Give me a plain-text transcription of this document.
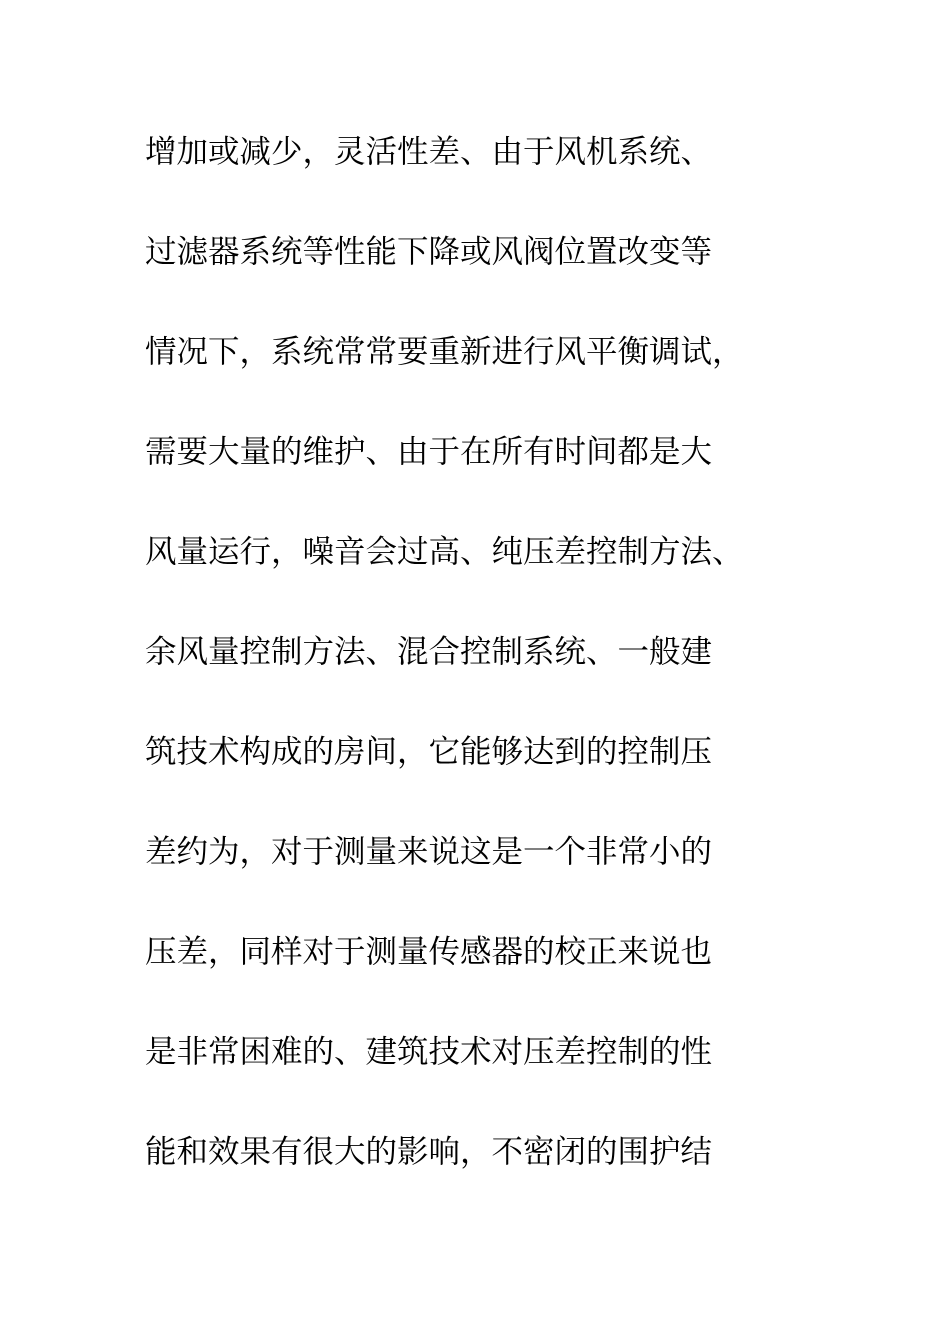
增加或减少，灵活性差、由于风机系统、
过滤器系统等性能下降或风阀位置改变等
情况下，系统常常要重新进行风平衡调试，
需要大量的维护、由于在所有时间都是大
风量运行，噪音会过高、纯压差控制方法、
余风量控制方法、混合控制系统、一般建
筑技术构成的房间，它能够达到的控制压
差约为，对于测量来说这是一个非常小的
压差，同样对于测量传感器的校正来说也
是非常困难的、建筑技术对压差控制的性
能和效果有很大的影响，不密闭的围护结
